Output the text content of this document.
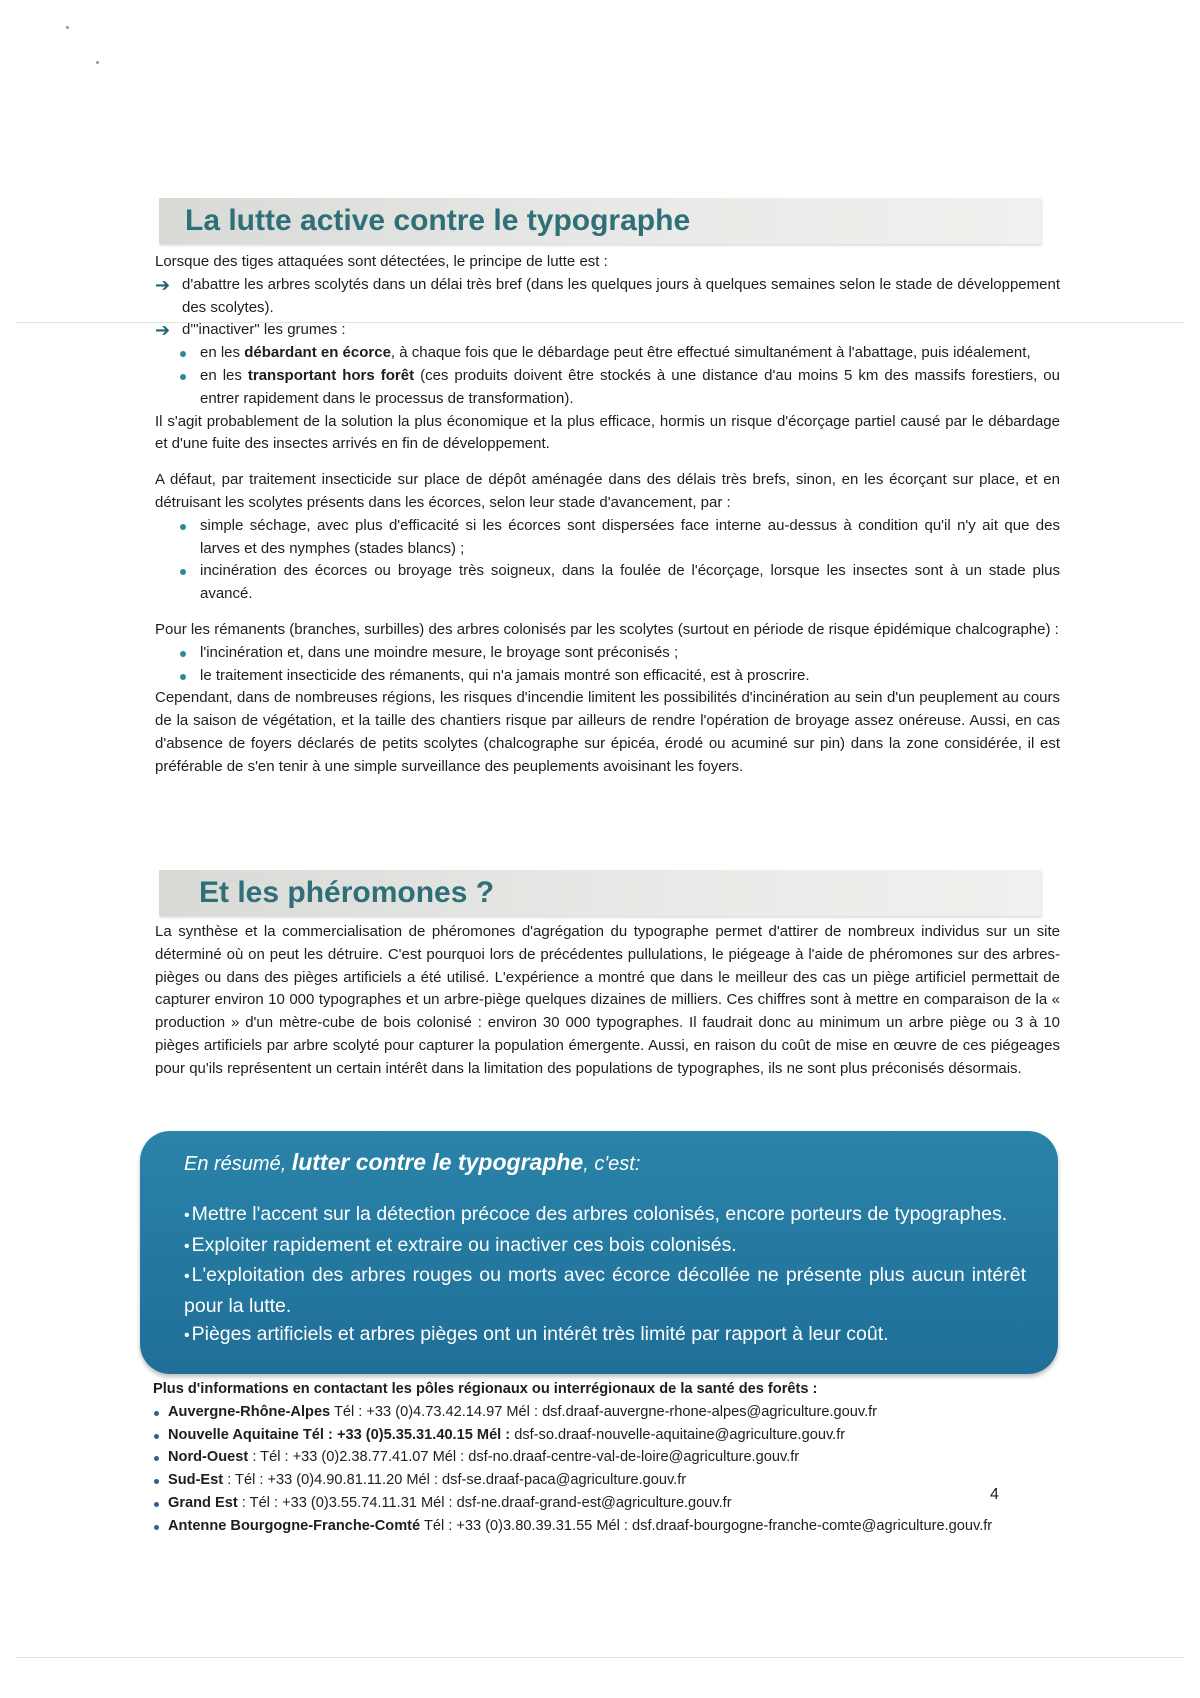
La lutte active contre le typographe

Lorsque des tiges attaquées sont détectées, le principe de lutte est :

➔ d'abattre les arbres scolytés dans un délai très bref (dans les quelques jours à quelques semaines selon le stade de développement des scolytes).
➔ d'"inactiver" les grumes :
en les débardant en écorce, à chaque fois que le débardage peut être effectué simultanément à l'abattage, puis idéalement,
en les transportant hors forêt (ces produits doivent être stockés à une distance d'au moins 5 km des massifs forestiers, ou entrer rapidement dans le processus de transformation).

Il s'agit probablement de la solution la plus économique et la plus efficace, hormis un risque d'écorçage partiel causé par le débardage et d'une fuite des insectes arrivés en fin de développement.

A défaut, par traitement insecticide sur place de dépôt aménagée dans des délais très brefs, sinon, en les écorçant sur place, et en détruisant les scolytes présents dans les écorces, selon leur stade d'avancement, par :

simple séchage, avec plus d'efficacité si les écorces sont dispersées face interne au-dessus à condition qu'il n'y ait que des larves et des nymphes (stades blancs) ;
incinération des écorces ou broyage très soigneux, dans la foulée de l'écorçage, lorsque les insectes sont à un stade plus avancé.

Pour les rémanents (branches, surbilles) des arbres colonisés par les scolytes (surtout en période de risque épidémique chalcographe) :

l'incinération et, dans une moindre mesure, le broyage sont préconisés ;
le traitement insecticide des rémanents, qui n'a jamais montré son efficacité, est à proscrire.

Cependant, dans de nombreuses régions, les risques d'incendie limitent les possibilités d'incinération au sein d'un peuplement au cours de la saison de végétation, et la taille des chantiers risque par ailleurs de rendre l'opération de broyage assez onéreuse. Aussi, en cas d'absence de foyers déclarés de petits scolytes (chalcographe sur épicéa, érodé ou acuminé sur pin) dans la zone considérée, il est préférable de s'en tenir à une simple surveillance des peuplements avoisinant les foyers.

Et les phéromones ?

La synthèse et la commercialisation de phéromones d'agrégation du typographe permet d'attirer de nombreux individus sur un site déterminé où on peut les détruire. C'est pourquoi lors de précédentes pullulations, le piégeage à l'aide de phéromones sur des arbres-pièges ou dans des pièges artificiels a été utilisé. L'expérience a montré que dans le meilleur des cas un piège artificiel permettait de capturer environ 10 000 typographes et un arbre-piège quelques dizaines de milliers. Ces chiffres sont à mettre en comparaison de la « production » d'un mètre-cube de bois colonisé : environ 30 000 typographes. Il faudrait donc au minimum un arbre piège ou 3 à 10 pièges artificiels par arbre scolyté pour capturer la population émergente. Aussi, en raison du coût de mise en œuvre de ces piégeages pour qu'ils représentent un certain intérêt dans la limitation des populations de typographes, ils ne sont plus préconisés désormais.

En résumé, lutter contre le typographe, c'est:
• Mettre l'accent sur la détection précoce des arbres colonisés, encore porteurs de typographes.
• Exploiter rapidement et extraire ou inactiver ces bois colonisés.
• L'exploitation des arbres rouges ou morts avec écorce décollée ne présente plus aucun intérêt pour la lutte.
• Pièges artificiels et arbres pièges ont un intérêt très limité par rapport à leur coût.
Plus d'informations en contactant les pôles régionaux ou interrégionaux de la santé des forêts :
Auvergne-Rhône-Alpes Tél : +33 (0)4.73.42.14.97 Mél : dsf.draaf-auvergne-rhone-alpes@agriculture.gouv.fr
Nouvelle Aquitaine Tél : +33 (0)5.35.31.40.15 Mél : dsf-so.draaf-nouvelle-aquitaine@agriculture.gouv.fr
Nord-Ouest : Tél : +33 (0)2.38.77.41.07 Mél : dsf-no.draaf-centre-val-de-loire@agriculture.gouv.fr
Sud-Est : Tél : +33 (0)4.90.81.11.20 Mél : dsf-se.draaf-paca@agriculture.gouv.fr
Grand Est : Tél : +33 (0)3.55.74.11.31 Mél : dsf-ne.draaf-grand-est@agriculture.gouv.fr
Antenne Bourgogne-Franche-Comté Tél : +33 (0)3.80.39.31.55 Mél : dsf.draaf-bourgogne-franche-comte@agriculture.gouv.fr
4
